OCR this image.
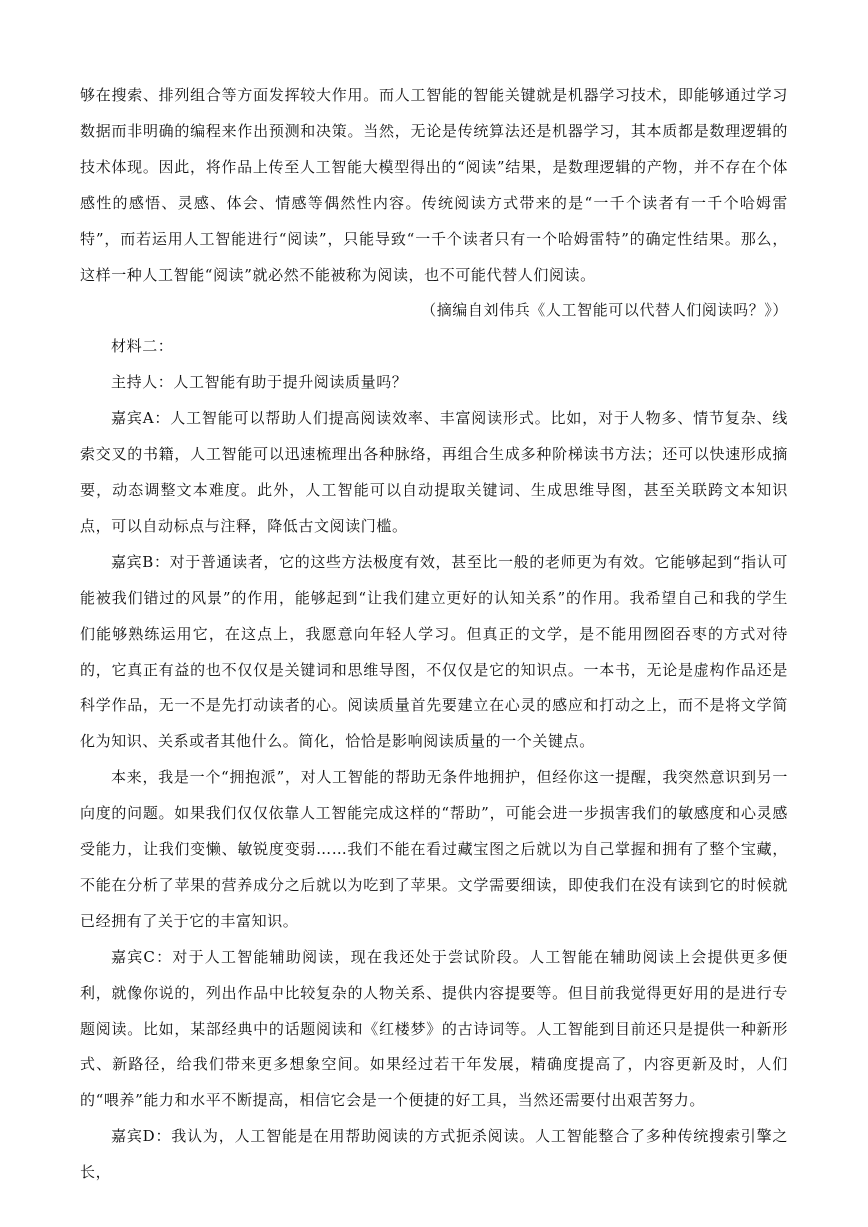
够在搜索、排列组合等方面发挥较大作用。而人工智能的智能关键就是机器学习技术，即能够通过学习数据而非明确的编程来作出预测和决策。当然，无论是传统算法还是机器学习，其本质都是数理逻辑的技术体现。因此，将作品上传至人工智能大模型得出的“阅读”结果，是数理逻辑的产物，并不存在个体感性的感悟、灵感、体会、情感等偶然性内容。传统阅读方式带来的是“一千个读者有一千个哈姆雷特”，而若运用人工智能进行“阅读”，只能导致“一千个读者只有一个哈姆雷特”的确定性结果。那么，这样一种人工智能“阅读”就必然不能被称为阅读，也不可能代替人们阅读。

（摘编自刘伟兵《人工智能可以代替人们阅读吗？》）

材料二：

主持人：人工智能有助于提升阅读质量吗？

嘉宾A：人工智能可以帮助人们提高阅读效率、丰富阅读形式。比如，对于人物多、情节复杂、线索交叉的书籍，人工智能可以迅速梳理出各种脉络，再组合生成多种阶梯读书方法；还可以快速形成摘要，动态调整文本难度。此外，人工智能可以自动提取关键词、生成思维导图，甚至关联跨文本知识点，可以自动标点与注释，降低古文阅读门槛。

嘉宾B：对于普通读者，它的这些方法极度有效，甚至比一般的老师更为有效。它能够起到“指认可能被我们错过的风景”的作用，能够起到“让我们建立更好的认知关系”的作用。我希望自己和我的学生们能够熟练运用它，在这点上，我愿意向年轻人学习。但真正的文学，是不能用囫囵吞枣的方式对待的，它真正有益的也不仅仅是关键词和思维导图，不仅仅是它的知识点。一本书，无论是虚构作品还是科学作品，无一不是先打动读者的心。阅读质量首先要建立在心灵的感应和打动之上，而不是将文学简化为知识、关系或者其他什么。简化，恰恰是影响阅读质量的一个关键点。

本来，我是一个“拥抱派”，对人工智能的帮助无条件地拥护，但经你这一提醒，我突然意识到另一向度的问题。如果我们仅仅依靠人工智能完成这样的“帮助”，可能会进一步损害我们的敏感度和心灵感受能力，让我们变懒、敏锐度变弱……我们不能在看过藏宝图之后就以为自己掌握和拥有了整个宝藏，不能在分析了苹果的营养成分之后就以为吃到了苹果。文学需要细读，即使我们在没有读到它的时候就已经拥有了关于它的丰富知识。

嘉宾C：对于人工智能辅助阅读，现在我还处于尝试阶段。人工智能在辅助阅读上会提供更多便利，就像你说的，列出作品中比较复杂的人物关系、提供内容提要等。但目前我觉得更好用的是进行专题阅读。比如，某部经典中的话题阅读和《红楼梦》的古诗词等。人工智能到目前还只是提供一种新形式、新路径，给我们带来更多想象空间。如果经过若干年发展，精确度提高了，内容更新及时，人们的“喂养”能力和水平不断提高，相信它会是一个便捷的好工具，当然还需要付出艰苦努力。

嘉宾D：我认为，人工智能是在用帮助阅读的方式扼杀阅读。人工智能整合了多种传统搜索引擎之长，
